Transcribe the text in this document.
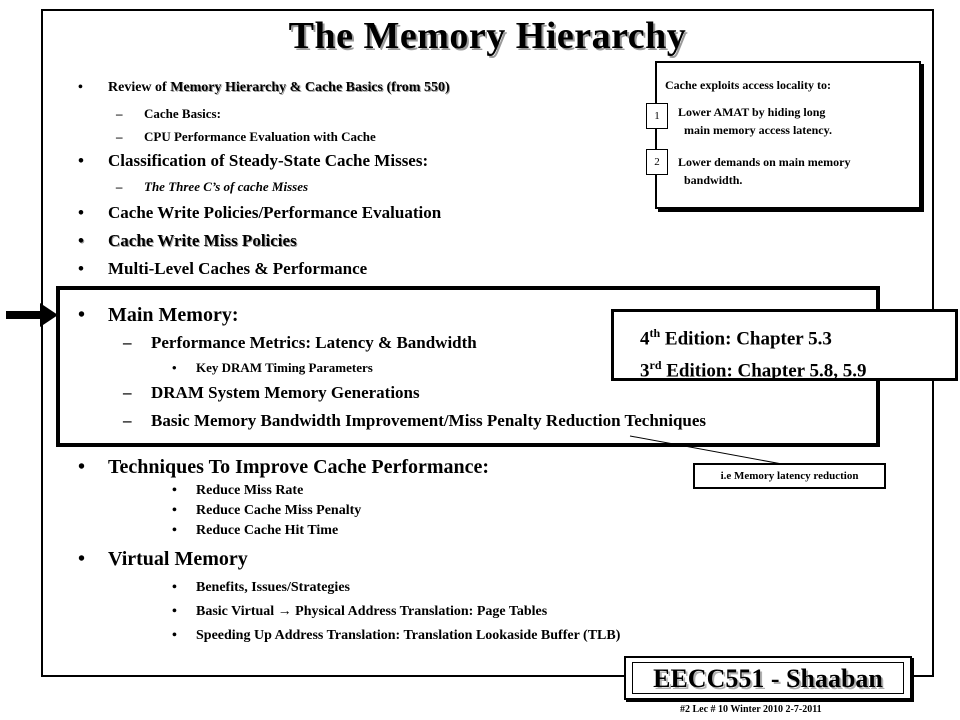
The Memory Hierarchy
• Review of Memory Hierarchy & Cache Basics (from 550)
– Cache Basics:
– CPU Performance Evaluation with Cache
• Classification of Steady-State Cache Misses:
– The Three C’s of cache Misses
• Cache Write Policies/Performance Evaluation
• Cache Write Miss Policies
• Multi-Level Caches & Performance
• Main Memory:
– Performance Metrics: Latency & Bandwidth
• Key DRAM Timing Parameters
– DRAM System Memory Generations
– Basic Memory Bandwidth Improvement/Miss Penalty Reduction Techniques
Cache exploits access locality to:
1	Lower AMAT by hiding long
main memory access latency.
2	Lower demands on main memory
bandwidth.
4th Edition: Chapter 5.3
3rd Edition: Chapter 5.8, 5.9
i.e Memory latency reduction
• Techniques To Improve Cache Performance:
• Reduce Miss Rate
• Reduce Cache Miss Penalty
• Reduce Cache Hit Time
• Virtual Memory
• Benefits, Issues/Strategies
• Basic Virtual → Physical Address Translation: Page Tables
• Speeding Up Address Translation: Translation Lookaside Buffer (TLB)
EECC551 - Shaaban
#2 Lec # 10 Winter 2010 2-7-2011
